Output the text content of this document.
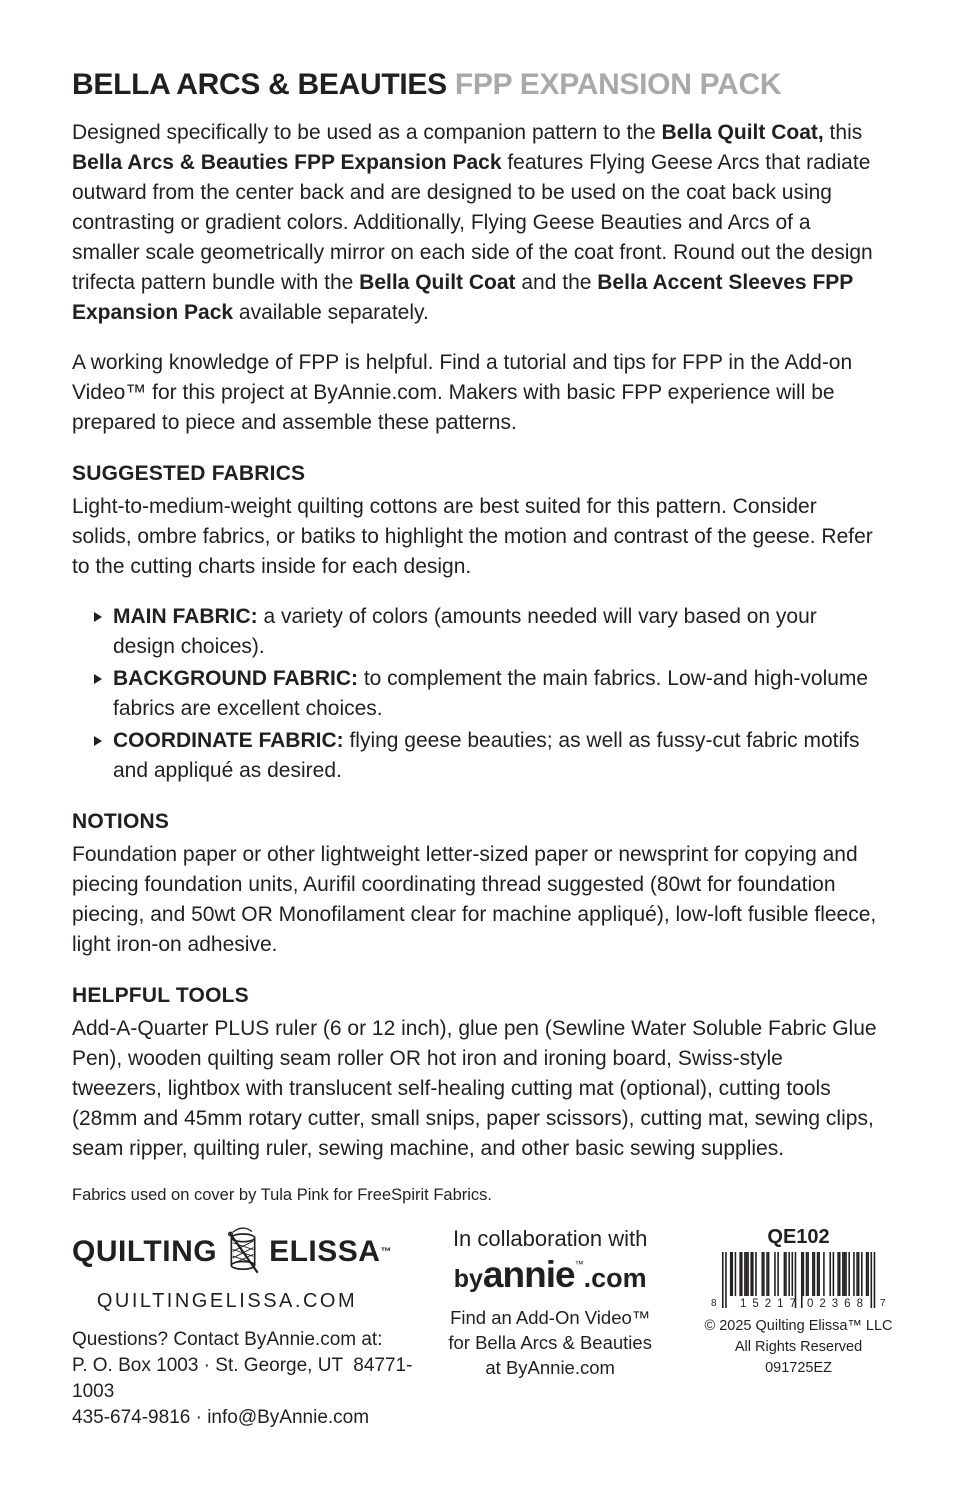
BELLA ARCS & BEAUTIES FPP EXPANSION PACK

Designed specifically to be used as a companion pattern to the Bella Quilt Coat, this Bella Arcs & Beauties FPP Expansion Pack features Flying Geese Arcs that radiate outward from the center back and are designed to be used on the coat back using contrasting or gradient colors. Additionally, Flying Geese Beauties and Arcs of a smaller scale geometrically mirror on each side of the coat front. Round out the design trifecta pattern bundle with the Bella Quilt Coat and the Bella Accent Sleeves FPP Expansion Pack available separately.

A working knowledge of FPP is helpful. Find a tutorial and tips for FPP in the Add-on Video™ for this project at ByAnnie.com. Makers with basic FPP experience will be prepared to piece and assemble these patterns.

SUGGESTED FABRICS

Light-to-medium-weight quilting cottons are best suited for this pattern. Consider solids, ombre fabrics, or batiks to highlight the motion and contrast of the geese. Refer to the cutting charts inside for each design.

MAIN FABRIC: a variety of colors (amounts needed will vary based on your design choices).
BACKGROUND FABRIC: to complement the main fabrics. Low-and high-volume fabrics are excellent choices.
COORDINATE FABRIC: flying geese beauties; as well as fussy-cut fabric motifs and appliqué as desired.
NOTIONS

Foundation paper or other lightweight letter-sized paper or newsprint for copying and piecing foundation units, Aurifil coordinating thread suggested (80wt for foundation piecing, and 50wt OR Monofilament clear for machine appliqué), low-loft fusible fleece, light iron-on adhesive.

HELPFUL TOOLS

Add-A-Quarter PLUS ruler (6 or 12 inch), glue pen (Sewline Water Soluble Fabric Glue Pen), wooden quilting seam roller OR hot iron and ironing board, Swiss-style tweezers, lightbox with translucent self-healing cutting mat (optional), cutting tools (28mm and 45mm rotary cutter, small snips, paper scissors), cutting mat, sewing clips, seam ripper, quilting ruler, sewing machine, and other basic sewing supplies.

Fabrics used on cover by Tula Pink for FreeSpirit Fabrics.

QUILTING ELISSA ™
QUILTINGELISSA.COM
Questions? Contact ByAnnie.com at:
P. O. Box 1003 · St. George, UT  84771-1003
435-674-9816 · info@ByAnnie.com
In collaboration with
byannie™.com
Find an Add-On Video™
for Bella Arcs & Beauties
at ByAnnie.com
QE102
8 15217 02368 7
© 2025 Quilting Elissa™ LLC
All Rights Reserved
091725EZ
